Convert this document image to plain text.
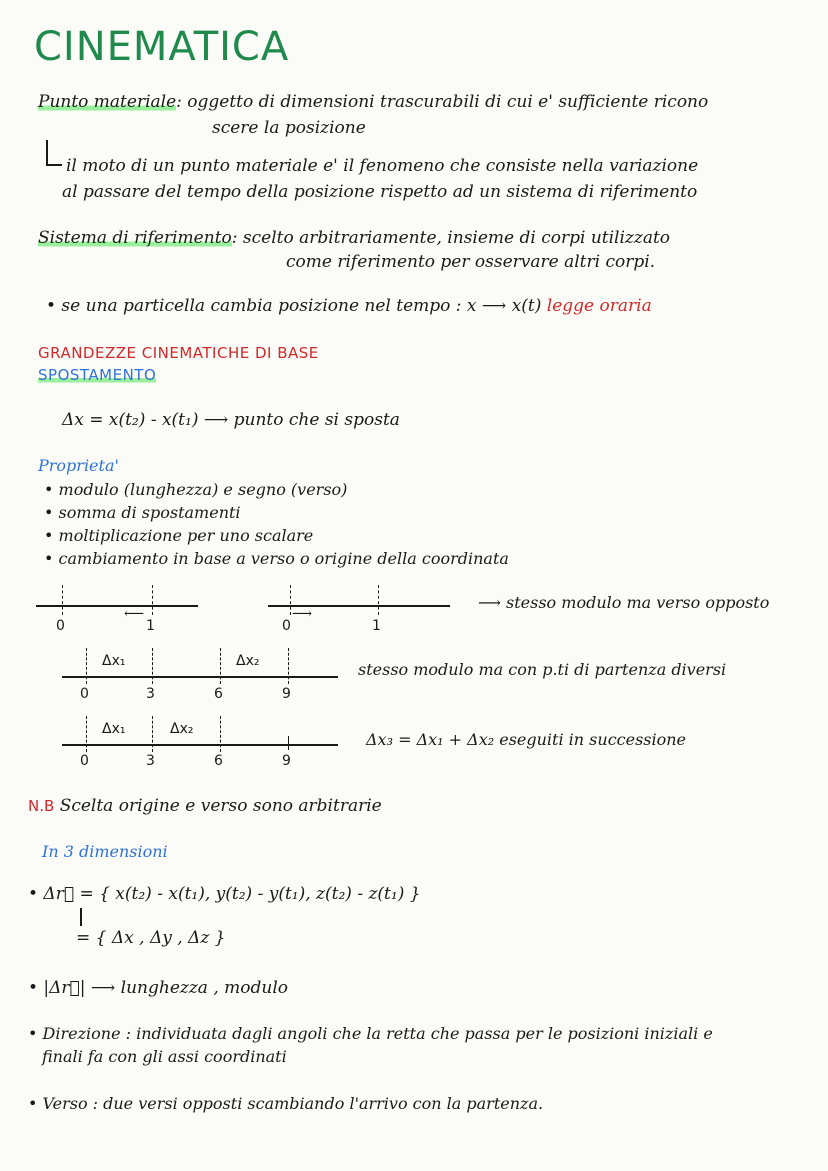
CINEMATICA
Punto materiale: oggetto di dimensioni trascurabili di cui e' sufficiente ricono
scere la posizione
il moto di un punto materiale e' il fenomeno che consiste nella variazione
al passare del tempo della posizione rispetto ad un sistema di riferimento
Sistema di riferimento: scelto arbitrariamente, insieme di corpi utilizzato
come riferimento per osservare altri corpi.
• se una particella cambia posizione nel tempo : x ⟶ x(t) legge oraria
GRANDEZZE CINEMATICHE DI BASE
SPOSTAMENTO
Δx = x(t₂) - x(t₁) ⟶ punto che si sposta
Proprieta'
• modulo (lunghezza) e segno (verso)
• somma di spostamenti
• moltiplicazione per uno scalare
• cambiamento in base a verso o origine della coordinata
⟵
0	1
⟶
0	1
⟶ stesso modulo ma verso opposto
Δx₁	Δx₂
0	3	6	9
stesso modulo ma con p.ti di partenza diversi
Δx₁	Δx₂
0	3	6	9
Δx₃ = Δx₁ + Δx₂ eseguiti in successione
N.B Scelta origine e verso sono arbitrarie
In 3 dimensioni
• Δr⃗ = { x(t₂) - x(t₁), y(t₂) - y(t₁), z(t₂) - z(t₁) }
= { Δx , Δy , Δz }
• |Δr⃗| ⟶ lunghezza , modulo
• Direzione : individuata dagli angoli che la retta che passa per le posizioni iniziali e
finali fa con gli assi coordinati
• Verso : due versi opposti scambiando l'arrivo con la partenza.
